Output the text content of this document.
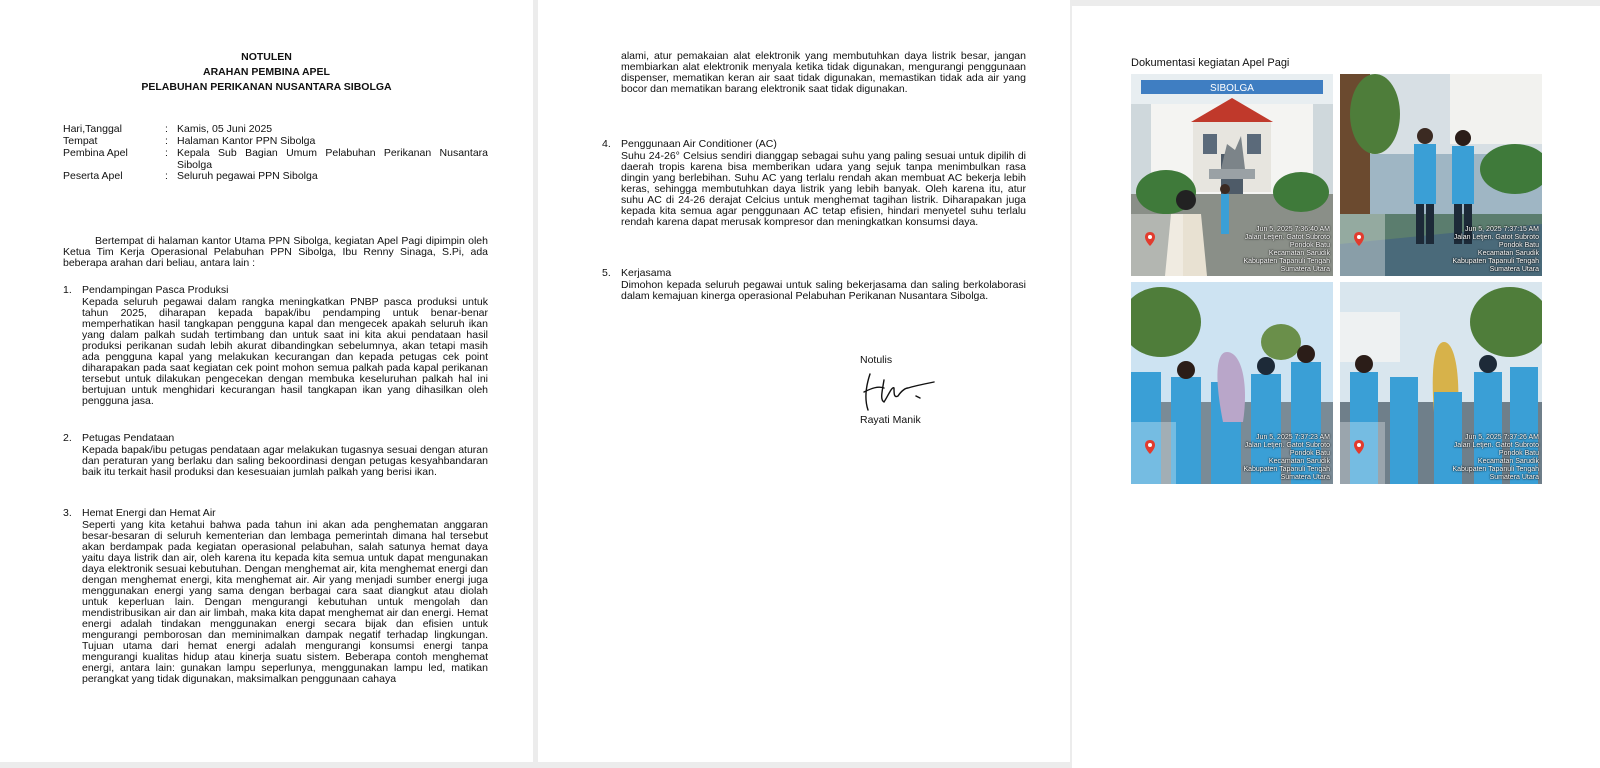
NOTULEN
ARAHAN PEMBINA APEL
PELABUHAN PERIKANAN NUSANTARA SIBOLGA
Hari,Tanggal	: Kamis, 05 Juni 2025
Tempat	: Halaman Kantor PPN Sibolga
Pembina Apel	: Kepala Sub Bagian Umum Pelabuhan Perikanan Nusantara
Sibolga
Peserta Apel	: Seluruh pegawai PPN Sibolga
Bertempat di halaman kantor Utama PPN Sibolga, kegiatan Apel Pagi dipimpin oleh Ketua Tim Kerja Operasional Pelabuhan PPN Sibolga, Ibu Renny Sinaga, S.Pi, ada beberapa arahan dari beliau, antara lain :
1. Pendampingan Pasca Produksi
Kepada seluruh pegawai dalam rangka meningkatkan PNBP pasca produksi untuk tahun 2025, diharapan kepada bapak/ibu pendamping untuk benar-benar memperhatikan hasil tangkapan pengguna kapal dan mengecek apakah seluruh ikan yang dalam palkah sudah tertimbang dan untuk saat ini kita akui pendataan hasil produksi perikanan sudah lebih akurat dibandingkan sebelumnya, akan tetapi masih ada pengguna kapal yang melakukan kecurangan dan kepada petugas cek point diharapakan pada saat kegiatan cek point mohon semua palkah pada kapal perikanan tersebut untuk dilakukan pengecekan dengan membuka keseluruhan palkah hal ini bertujuan untuk menghidari kecurangan hasil tangkapan ikan yang dihasilkan oleh pengguna jasa.
2. Petugas Pendataan
Kepada bapak/ibu petugas pendataan agar melakukan tugasnya sesuai dengan aturan dan peraturan yang berlaku dan saling bekoordinasi dengan petugas kesyahbandaran baik itu terkait hasil produksi dan kesesuaian jumlah palkah yang berisi ikan.
3. Hemat Energi dan Hemat Air
Seperti yang kita ketahui bahwa pada tahun ini akan ada penghematan anggaran besar-besaran di seluruh kementerian dan lembaga pemerintah dimana hal tersebut akan berdampak pada kegiatan operasional pelabuhan, salah satunya hemat daya yaitu daya listrik dan air, oleh karena itu kepada kita semua untuk dapat mengunakan daya elektronik sesuai kebutuhan. Dengan menghemat air, kita menghemat energi dan dengan menghemat energi, kita menghemat air. Air yang menjadi sumber energi juga menggunakan energi yang sama dengan berbagai cara saat diangkut atau diolah untuk keperluan lain. Dengan mengurangi kebutuhan untuk mengolah dan mendistribusikan air dan air limbah, maka kita dapat menghemat air dan energi. Hemat energi adalah tindakan menggunakan energi secara bijak dan efisien untuk mengurangi pemborosan dan meminimalkan dampak negatif terhadap lingkungan. Tujuan utama dari hemat energi adalah mengurangi konsumsi energi tanpa mengurangi kualitas hidup atau kinerja suatu sistem. Beberapa contoh menghemat energi, antara lain: gunakan lampu seperlunya, menggunakan lampu led, matikan perangkat yang tidak digunakan, maksimalkan penggunaan cahaya
alami, atur pemakaian alat elektronik yang membutuhkan daya listrik besar, jangan membiarkan alat elektronik menyala ketika tidak digunakan, mengurangi penggunaan dispenser, mematikan keran air saat tidak digunakan, memastikan tidak ada air yang bocor dan mematikan barang elektronik saat tidak digunakan.
4. Penggunaan Air Conditioner (AC)
Suhu 24-26° Celsius sendiri dianggap sebagai suhu yang paling sesuai untuk dipilih di daerah tropis karena bisa memberikan udara yang sejuk tanpa menimbulkan rasa dingin yang berlebihan. Suhu AC yang terlalu rendah akan membuat AC bekerja lebih keras, sehingga membutuhkan daya listrik yang lebih banyak. Oleh karena itu, atur suhu AC di 24-26 derajat Celcius untuk menghemat tagihan listrik. Diharapakan juga kepada kita semua agar penggunaan AC tetap efisien, hindari menyetel suhu terlalu rendah karena dapat merusak kompresor dan meningkatkan konsumsi daya.
5. Kerjasama
Dimohon kepada seluruh pegawai untuk saling bekerjasama dan saling berkolaborasi dalam kemajuan kinerga operasional Pelabuhan Perikanan Nusantara Sibolga.
Notulis
Rayati Manik
Dokumentasi kegiatan Apel Pagi
SIBOLGA
Jun 5, 2025 7:36:40 AM
Jalan Letjen. Gatot Subroto
Pondok Batu
Kecamatan Sarudik
Kabupaten Tapanuli Tengah
Sumatera Utara
Jun 5, 2025 7:37:15 AM
Jalan Letjen. Gatot Subroto
Pondok Batu
Kecamatan Sarudik
Kabupaten Tapanuli Tengah
Sumatera Utara
Jun 5, 2025 7:37:23 AM
Jalan Letjen. Gatot Subroto
Pondok Batu
Kecamatan Sarudik
Kabupaten Tapanuli Tengah
Sumatera Utara
Jun 5, 2025 7:37:26 AM
Jalan Letjen. Gatot Subroto
Pondok Batu
Kecamatan Sarudik
Kabupaten Tapanuli Tengah
Sumatera Utara
